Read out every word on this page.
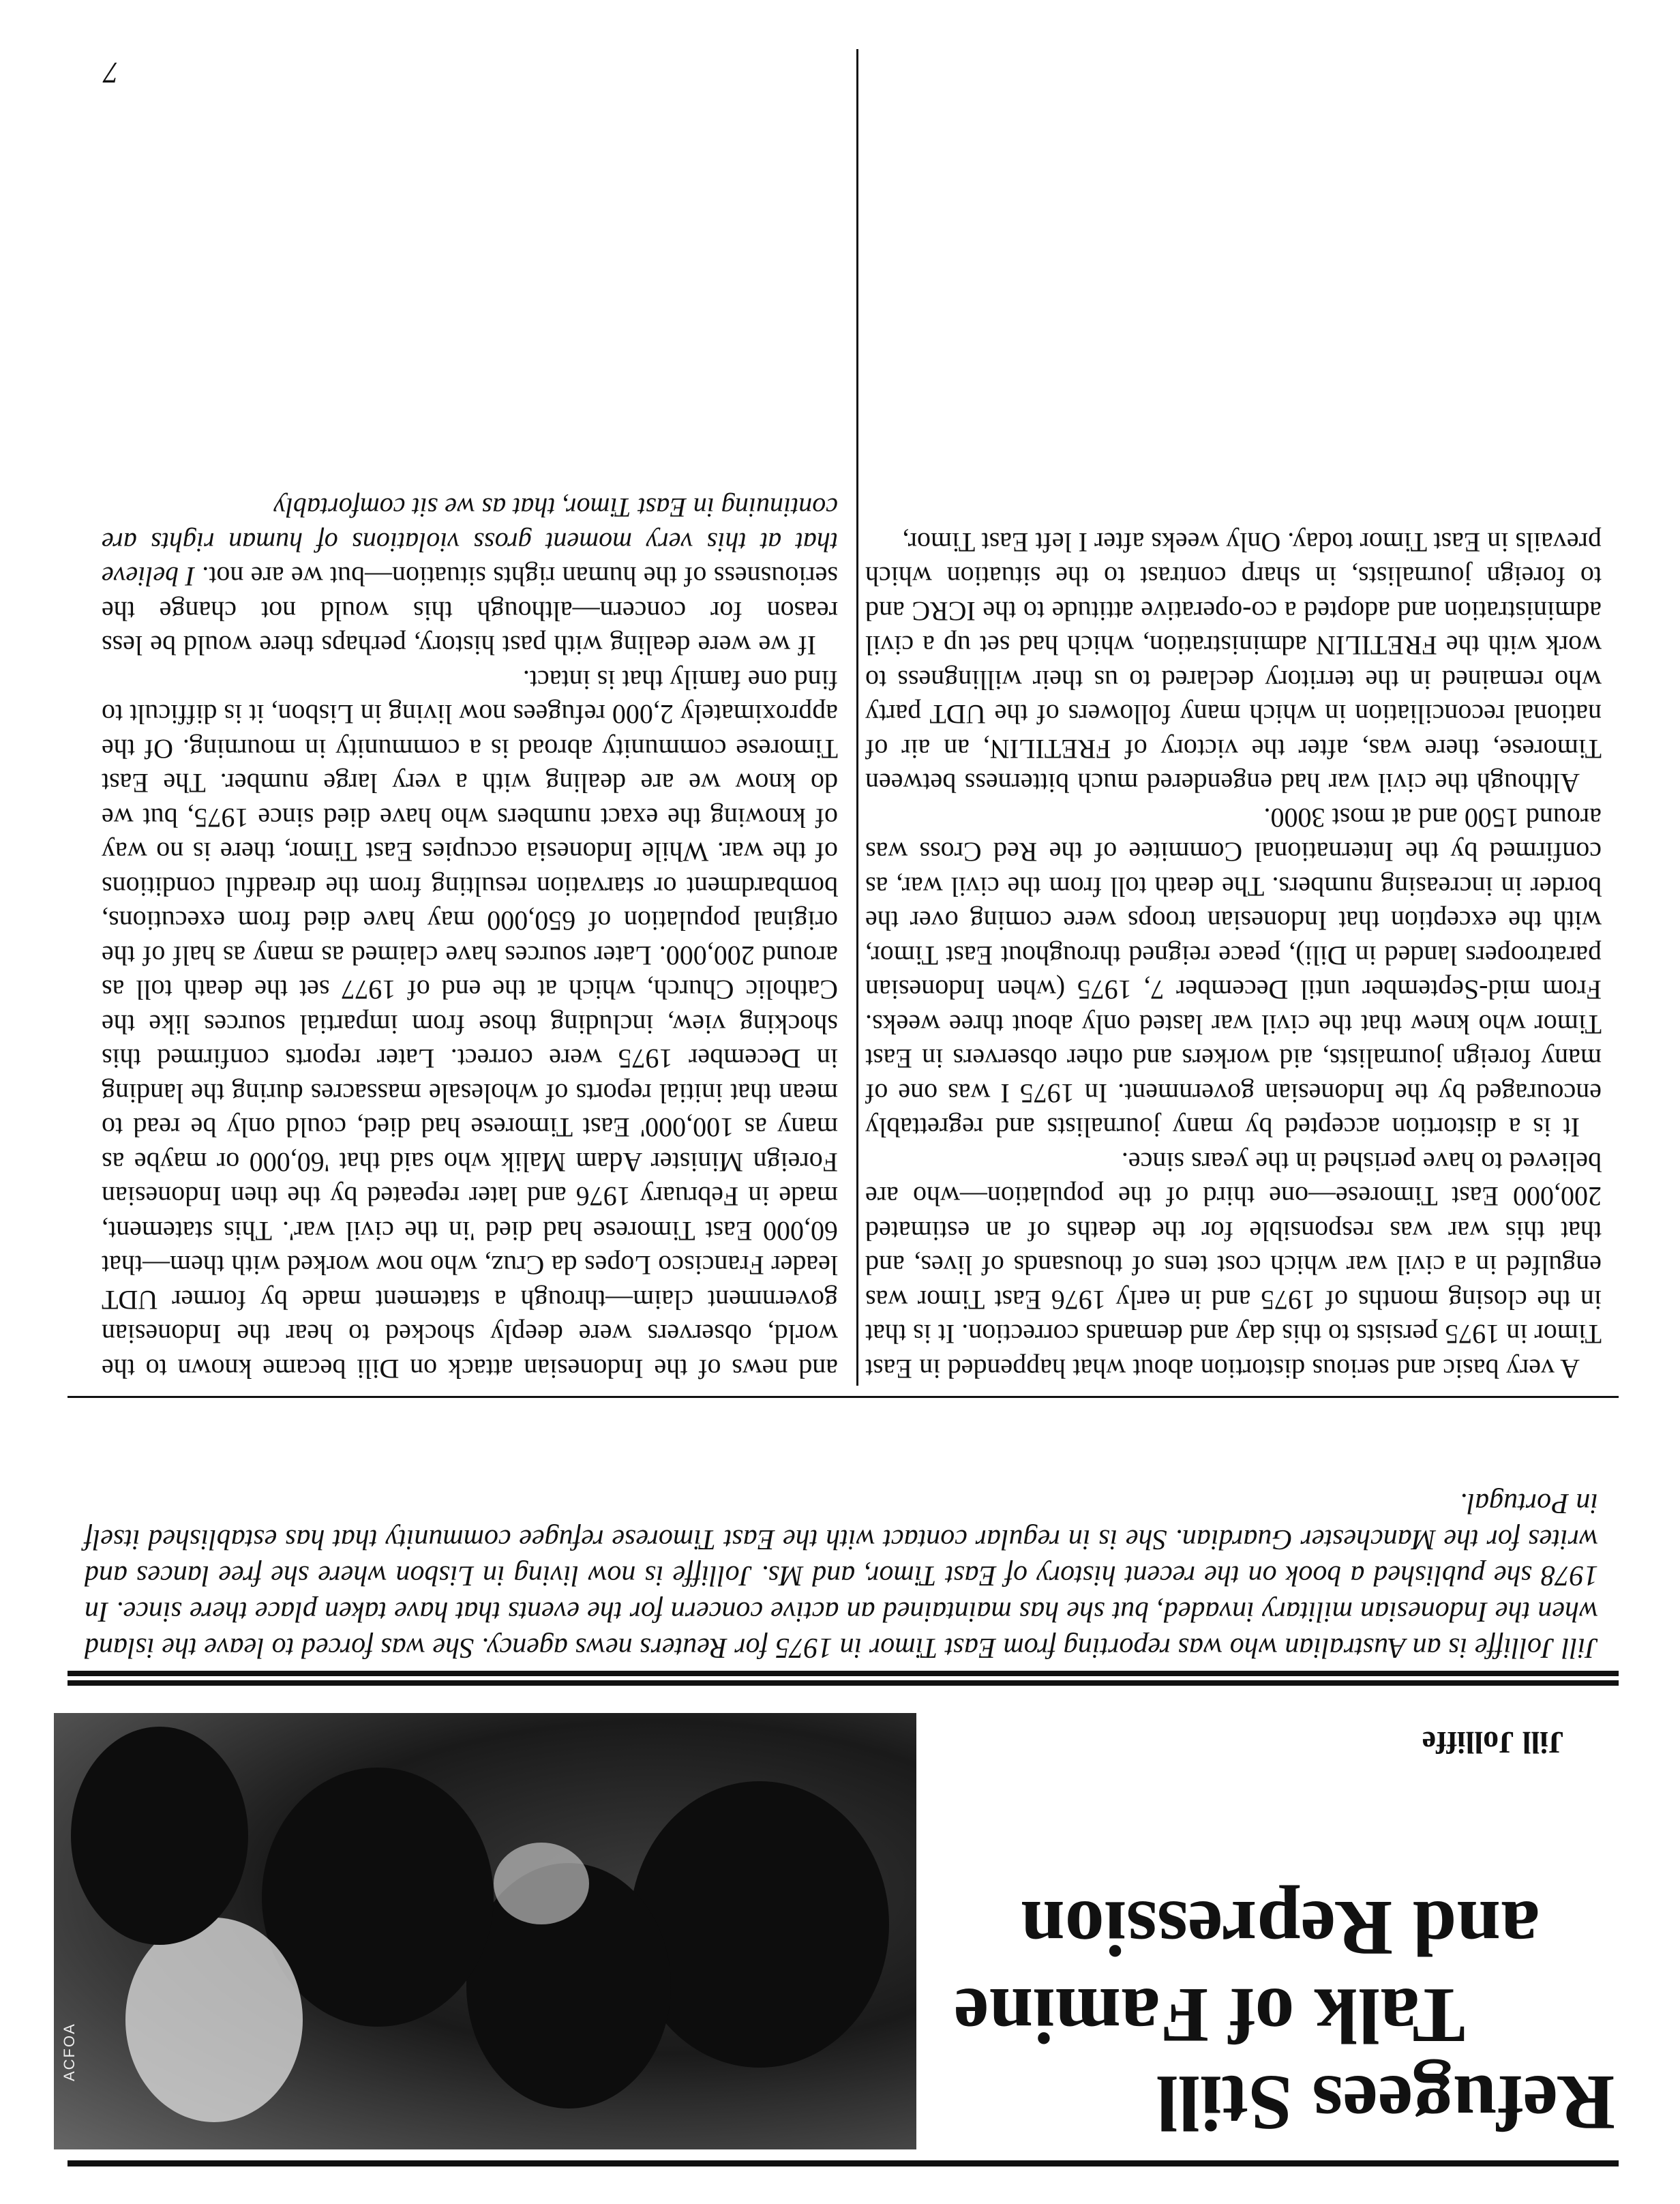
Refugees Still
Talk of Famine
and Repression

Jill Jolliffe

ACFOA

Jill Jolliffe is an Australian who was reporting from East Timor in 1975 for Reuters news agency. She was forced to leave the island when the Indonesian military invaded, but she has maintained an active concern for the events that have taken place there since. In 1978 she published a book on the recent history of East Timor, and Ms. Jolliffe is now living in Lisbon where she free lances and writes for the Manchester Guardian. She is in regular contact with the East Timorese refugee community that has established itself in Portugal.

A very basic and serious distortion about what happended in East Timor in 1975 persists to this day and demands correction. It is that in the closing months of 1975 and in early 1976 East Timor was engulfed in a civil war which cost tens of thousands of lives, and that this war was responsible for the deaths of an estimated 200,000 East Timorese—one third of the population—who are believed to have perished in the years since.

It is a distortion accepted by many journalists and regrettably encouraged by the Indonesian government. In 1975 I was one of many foreign journalists, aid workers and other observers in East Timor who knew that the civil war lasted only about three weeks. From mid-September until December 7, 1975 (when Indonesian paratroopers landed in Dili), peace reigned throughout East Timor, with the exception that Indonesian troops were coming over the border in increasing numbers. The death toll from the civil war, as confirmed by the International Commitee of the Red Cross was around 1500 and at most 3000.

Although the civil war had engendered much bitterness between Timorese, there was, after the victory of FRETILIN, an air of national reconciliation in which many followers of the UDT party who remained in the territory declared to us their willingness to work with the FRETILIN administration, which had set up a civil administration and adopted a co-operative attitude to the ICRC and to foreign journalists, in sharp contrast to the situation which prevails in East Timor today. Only weeks after I left East Timor,

and news of the Indonesian attack on Dili became known to the world, observers were deeply shocked to hear the Indonesian government claim—through a statement made by former UDT leader Francisco Lopes da Cruz, who now worked with them—that 60,000 East Timorese had died 'in the civil war'. This statement, made in February 1976 and later repeated by the then Indonesian Foreign Minister Adam Malik who said that '60,000 or maybe as many as 100,000' East Timorese had died, could only be read to mean that initial reports of wholesale massacres during the landing in December 1975 were correct. Later reports confirmed this shocking view, including those from impartial sources like the Catholic Church, which at the end of 1977 set the death toll as around 200,000. Later sources have claimed as many as half of the original population of 650,000 may have died from executions, bombardment or starvation resulting from the dreadful conditions of the war. While Indonesia occupies East Timor, there is no way of knowing the exact numbers who have died since 1975, but we do know we are dealing with a very large number. The East Timorese community abroad is a community in mourning. Of the approximately 2,000 refugees now living in Lisbon, it is difficult to find one family that is intact.

If we were dealing with past history, perhaps there would be less reason for concern—although this would not change the seriousness of the human rights situation—but we are not. I believe that at this very moment gross violations of human rights are continuing in East Timor, that as we sit comfortably

7
